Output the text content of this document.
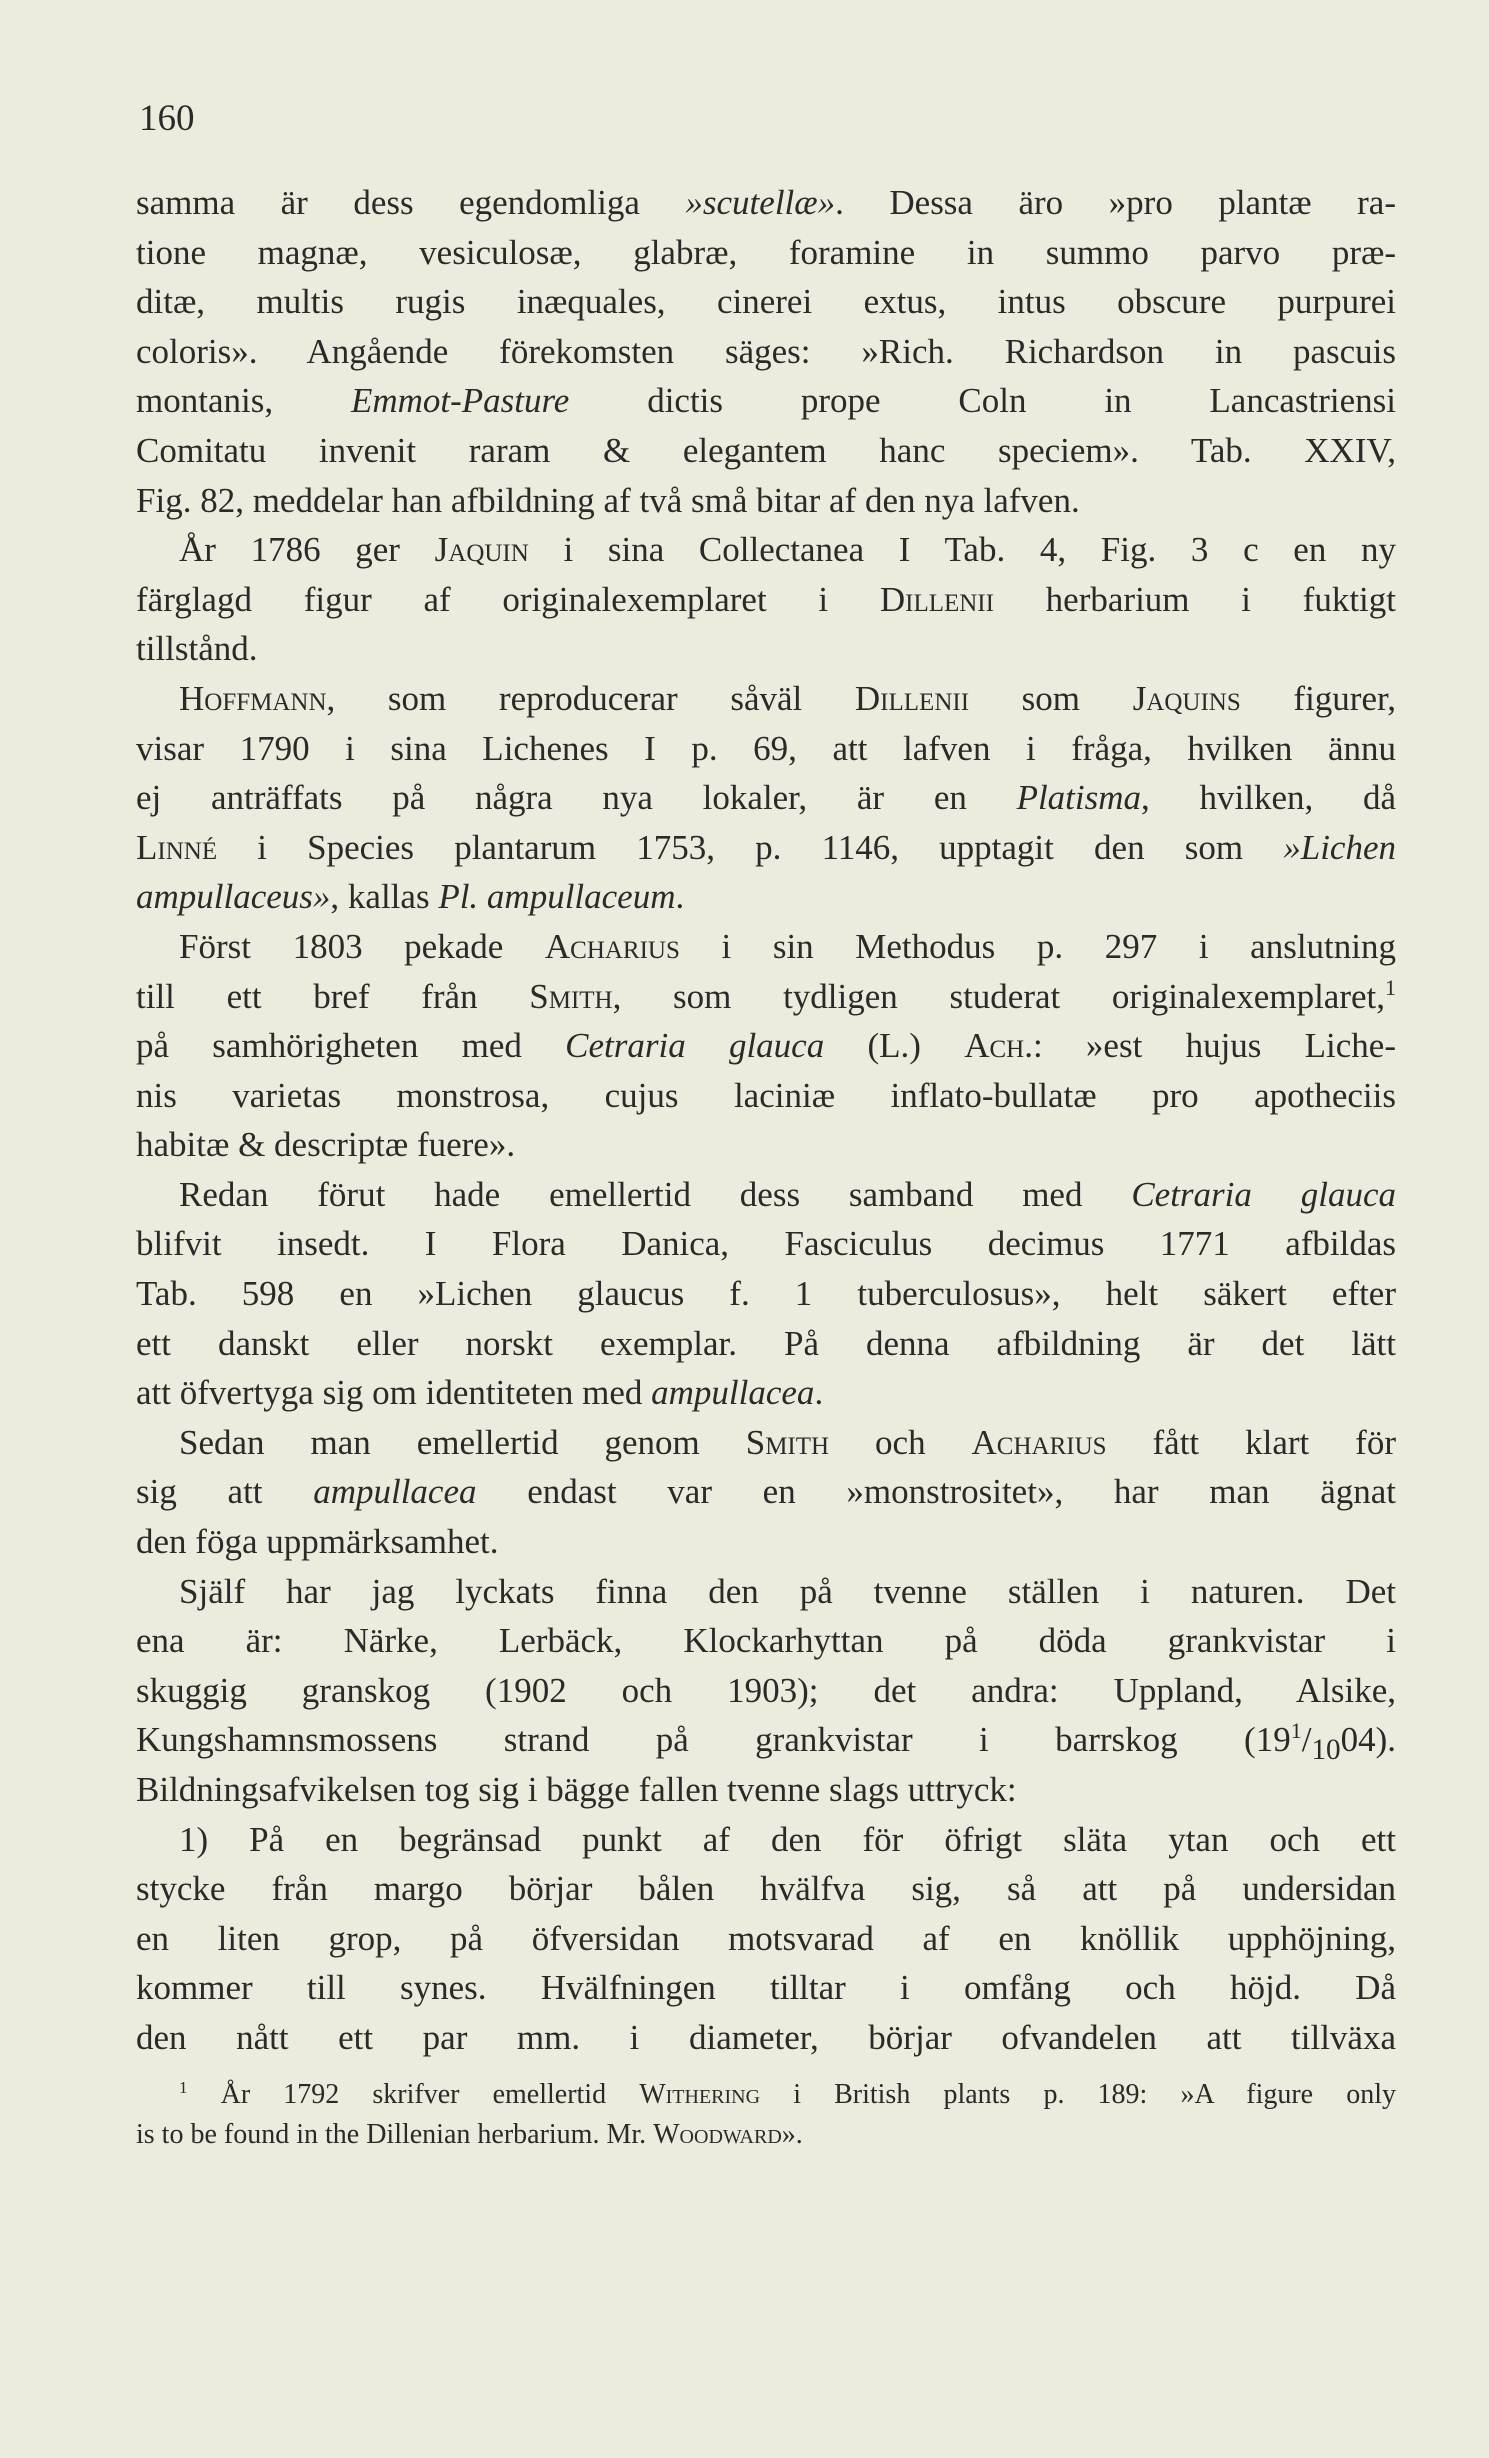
160
samma är dess egendomliga »scutellæ». Dessa äro »pro plantæ ra-
tione magnæ, vesiculosæ, glabræ, foramine in summo parvo præ-
ditæ, multis rugis inæquales, cinerei extus, intus obscure purpurei
coloris». Angående förekomsten säges: »Rich. Richardson in pascuis
montanis, Emmot-Pasture dictis prope Coln in Lancastriensi
Comitatu invenit raram & elegantem hanc speciem». Tab. XXIV,
Fig. 82, meddelar han afbildning af två små bitar af den nya lafven.
År 1786 ger Jaquin i sina Collectanea I Tab. 4, Fig. 3 c en ny
färglagd figur af originalexemplaret i Dillenii herbarium i fuktigt
tillstånd.
Hoffmann, som reproducerar såväl Dillenii som Jaquins figurer,
visar 1790 i sina Lichenes I p. 69, att lafven i fråga, hvilken ännu
ej anträffats på några nya lokaler, är en Platisma, hvilken, då
Linné i Species plantarum 1753, p. 1146, upptagit den som »Lichen
ampullaceus», kallas Pl. ampullaceum.
Först 1803 pekade Acharius i sin Methodus p. 297 i anslutning
till ett bref från Smith, som tydligen studerat originalexemplaret,$^1$
på samhörigheten med Cetraria glauca (L.) Ach.: »est hujus Liche-
nis varietas monstrosa, cujus laciniæ inflato-bullatæ pro apotheciis
habitæ & descriptæ fuere».
Redan förut hade emellertid dess samband med Cetraria glauca
blifvit insedt. I Flora Danica, Fasciculus decimus 1771 afbildas
Tab. 598 en »Lichen glaucus f. 1 tuberculosus», helt säkert efter
ett danskt eller norskt exemplar. På denna afbildning är det lätt
att öfvertyga sig om identiteten med ampullacea.
Sedan man emellertid genom Smith och Acharius fått klart för
sig att ampullacea endast var en »monstrositet», har man ägnat
den föga uppmärksamhet.
Själf har jag lyckats finna den på tvenne ställen i naturen. Det
ena är: Närke, Lerbäck, Klockarhyttan på döda grankvistar i
skuggig granskog (1902 och 1903); det andra: Uppland, Alsike,
Kungshamnsmossens strand på grankvistar i barrskog $(19^1/_{10}04)$.
Bildningsafvikelsen tog sig i bägge fallen tvenne slags uttryck:
1) På en begränsad punkt af den för öfrigt släta ytan och ett
stycke från margo börjar bålen hvälfva sig, så att på undersidan
en liten grop, på öfversidan motsvarad af en knöllik upphöjning,
kommer till synes. Hvälfningen tilltar i omfång och höjd. Då
den nått ett par mm. i diameter, börjar ofvandelen att tillväxa
$^1$ År 1792 skrifver emellertid Withering i British plants p. 189: »A figure only
is to be found in the Dillenian herbarium. Mr. Woodward».
